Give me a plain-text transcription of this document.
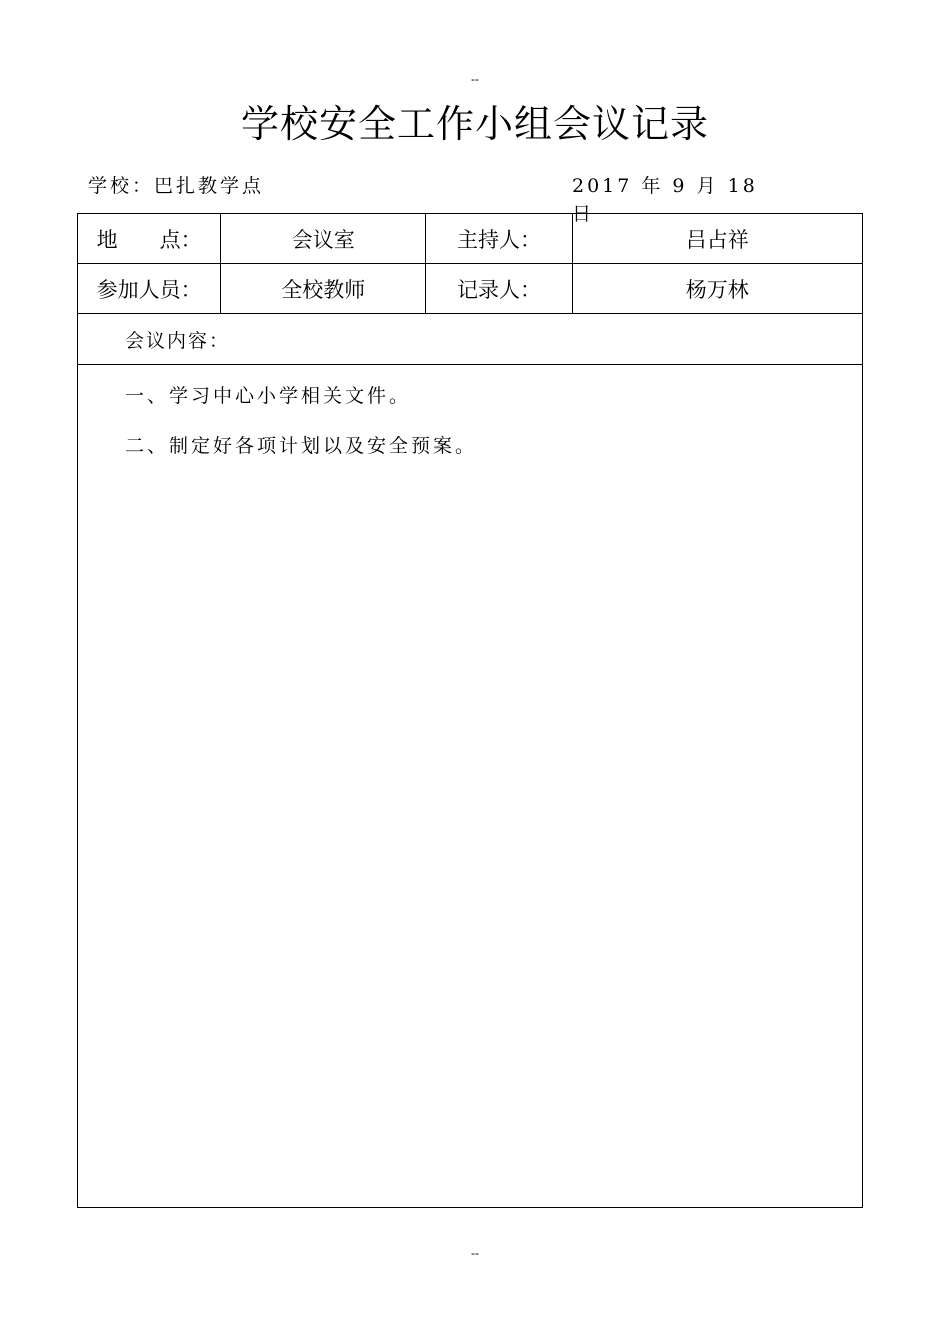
--
学校安全工作小组会议记录
学校：巴扎教学点	2017 年 9 月 18 日
地　　点：	会议室	主持人：	吕占祥
参加人员：	全校教师	记录人：	杨万林
会议内容：			

一、学习中心小学相关文件。
二、制定好各项计划以及安全预案。			
--
